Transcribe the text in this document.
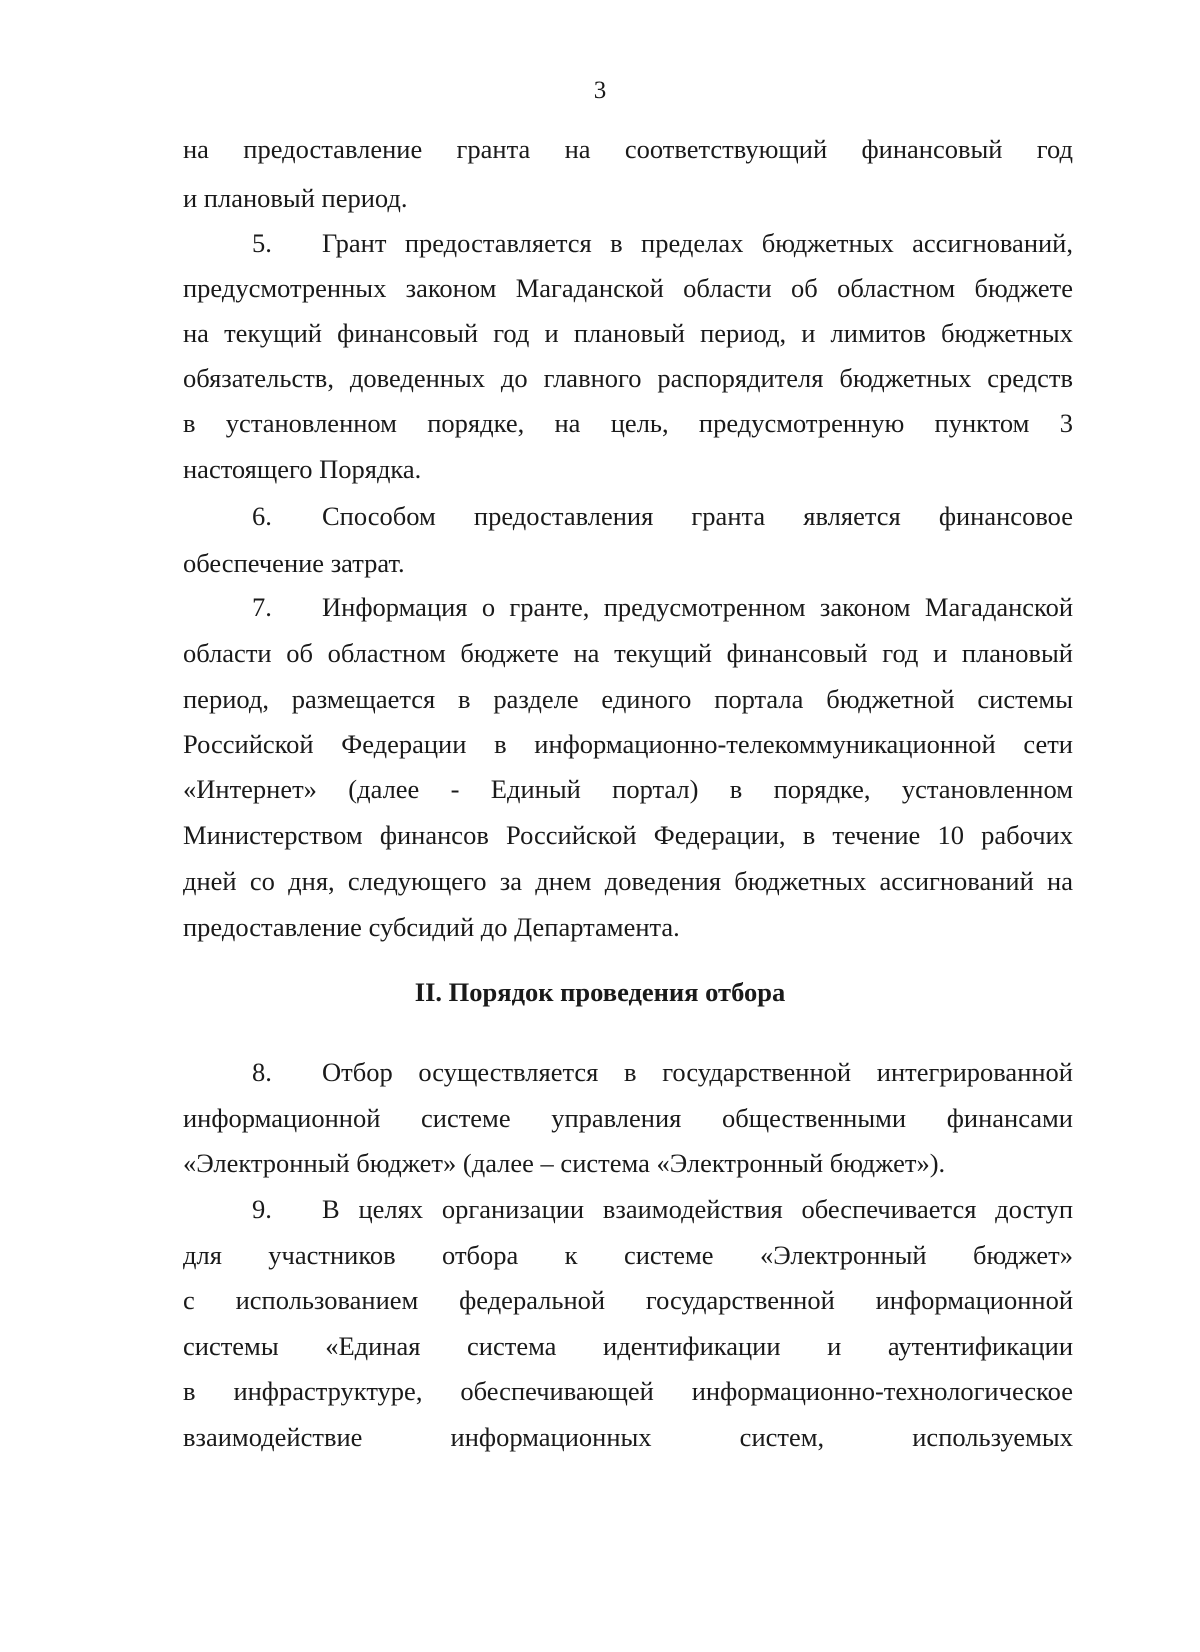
3
на предоставление гранта на соответствующий финансовый год
и плановый период.
5. Грант предоставляется в пределах бюджетных ассигнований,
предусмотренных законом Магаданской области об областном бюджете
на текущий финансовый год и плановый период, и лимитов бюджетных
обязательств, доведенных до главного распорядителя бюджетных средств
в установленном порядке, на цель, предусмотренную пунктом 3
настоящего Порядка.
6. Способом предоставления гранта является финансовое
обеспечение затрат.
7. Информация о гранте, предусмотренном законом Магаданской
области об областном бюджете на текущий финансовый год и плановый
период, размещается в разделе единого портала бюджетной системы
Российской Федерации в информационно-телекоммуникационной сети
«Интернет» (далее - Единый портал) в порядке, установленном
Министерством финансов Российской Федерации, в течение 10 рабочих
дней со дня, следующего за днем доведения бюджетных ассигнований на
предоставление субсидий до Департамента.
II. Порядок проведения отбора
8. Отбор осуществляется в государственной интегрированной
информационной системе управления общественными финансами
«Электронный бюджет» (далее – система «Электронный бюджет»).
9. В целях организации взаимодействия обеспечивается доступ
для участников отбора к системе «Электронный бюджет»
с использованием федеральной государственной информационной
системы «Единая система идентификации и аутентификации
в инфраструктуре, обеспечивающей информационно-технологическое
взаимодействие информационных систем, используемых
